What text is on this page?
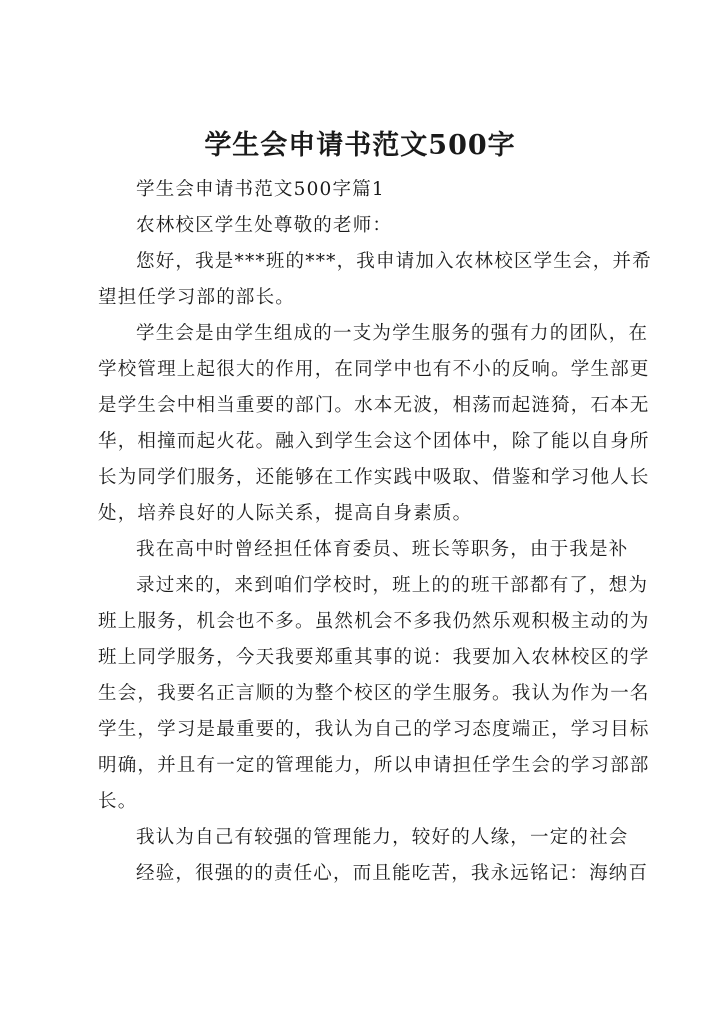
学生会申请书范文500字
学生会申请书范文500字篇1
农林校区学生处尊敬的老师：
您好，我是***班的***，我申请加入农林校区学生会，并希
望担任学习部的部长。
学生会是由学生组成的一支为学生服务的强有力的团队，在
学校管理上起很大的作用，在同学中也有不小的反响。学生部更
是学生会中相当重要的部门。水本无波，相荡而起涟猗，石本无
华，相撞而起火花。融入到学生会这个团体中，除了能以自身所
长为同学们服务，还能够在工作实践中吸取、借鉴和学习他人长
处，培养良好的人际关系，提高自身素质。
我在高中时曾经担任体育委员、班长等职务，由于我是补
录过来的，来到咱们学校时，班上的的班干部都有了，想为
班上服务，机会也不多。虽然机会不多我仍然乐观积极主动的为
班上同学服务，今天我要郑重其事的说：我要加入农林校区的学
生会，我要名正言顺的为整个校区的学生服务。我认为作为一名
学生，学习是最重要的，我认为自己的学习态度端正，学习目标
明确，并且有一定的管理能力，所以申请担任学生会的学习部部
长。
我认为自己有较强的管理能力，较好的人缘，一定的社会
经验，很强的的责任心，而且能吃苦，我永远铭记：海纳百
